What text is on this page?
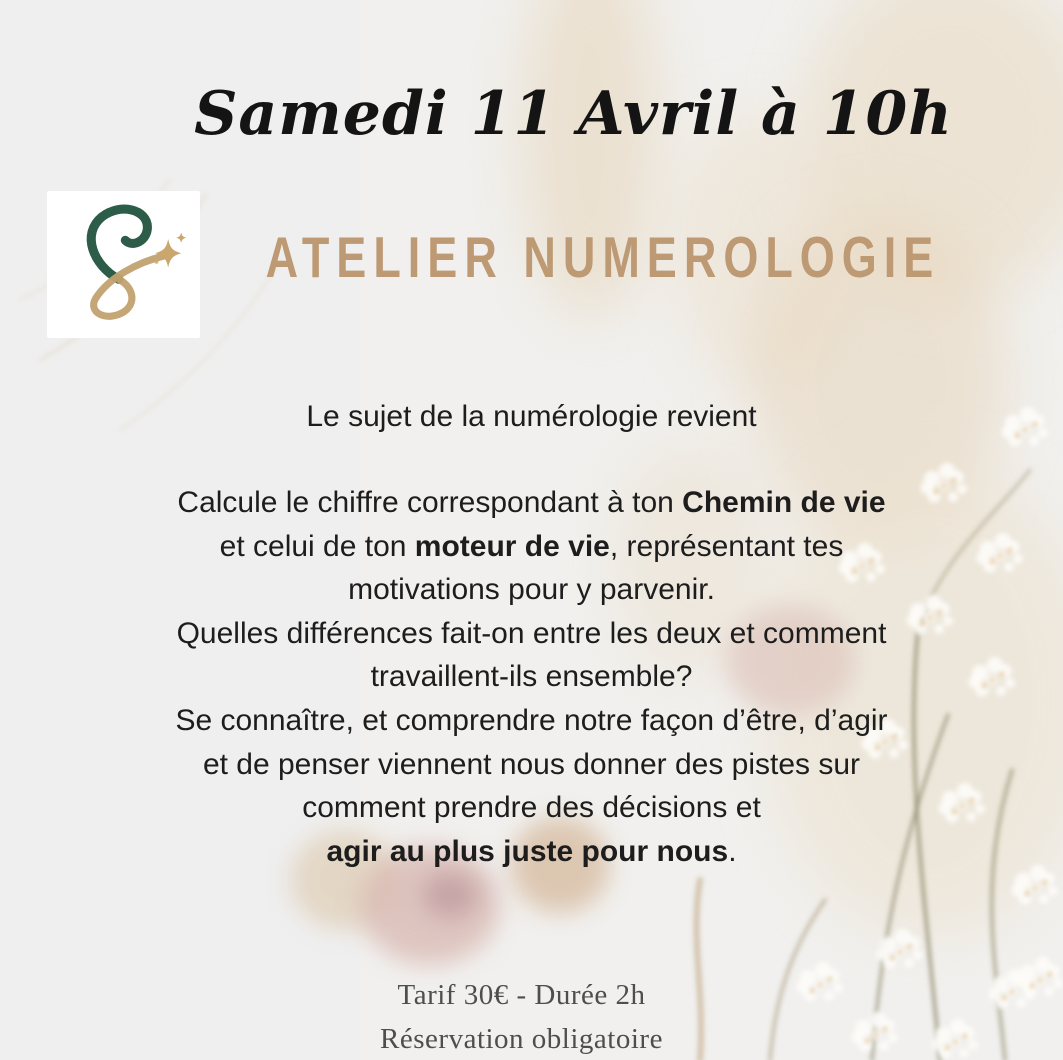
Samedi 11 Avril à 10h
ATELIER NUMEROLOGIE
Le sujet de la numérologie revient
Calcule le chiffre correspondant à ton Chemin de vie
et celui de ton moteur de vie, représentant tes
motivations pour y parvenir.
Quelles différences fait-on entre les deux et comment
travaillent-ils ensemble?
Se connaître, et comprendre notre façon d’être, d’agir
et de penser viennent nous donner des pistes sur
comment prendre des décisions et
agir au plus juste pour nous.
Tarif 30€ - Durée 2h
Réservation obligatoire
